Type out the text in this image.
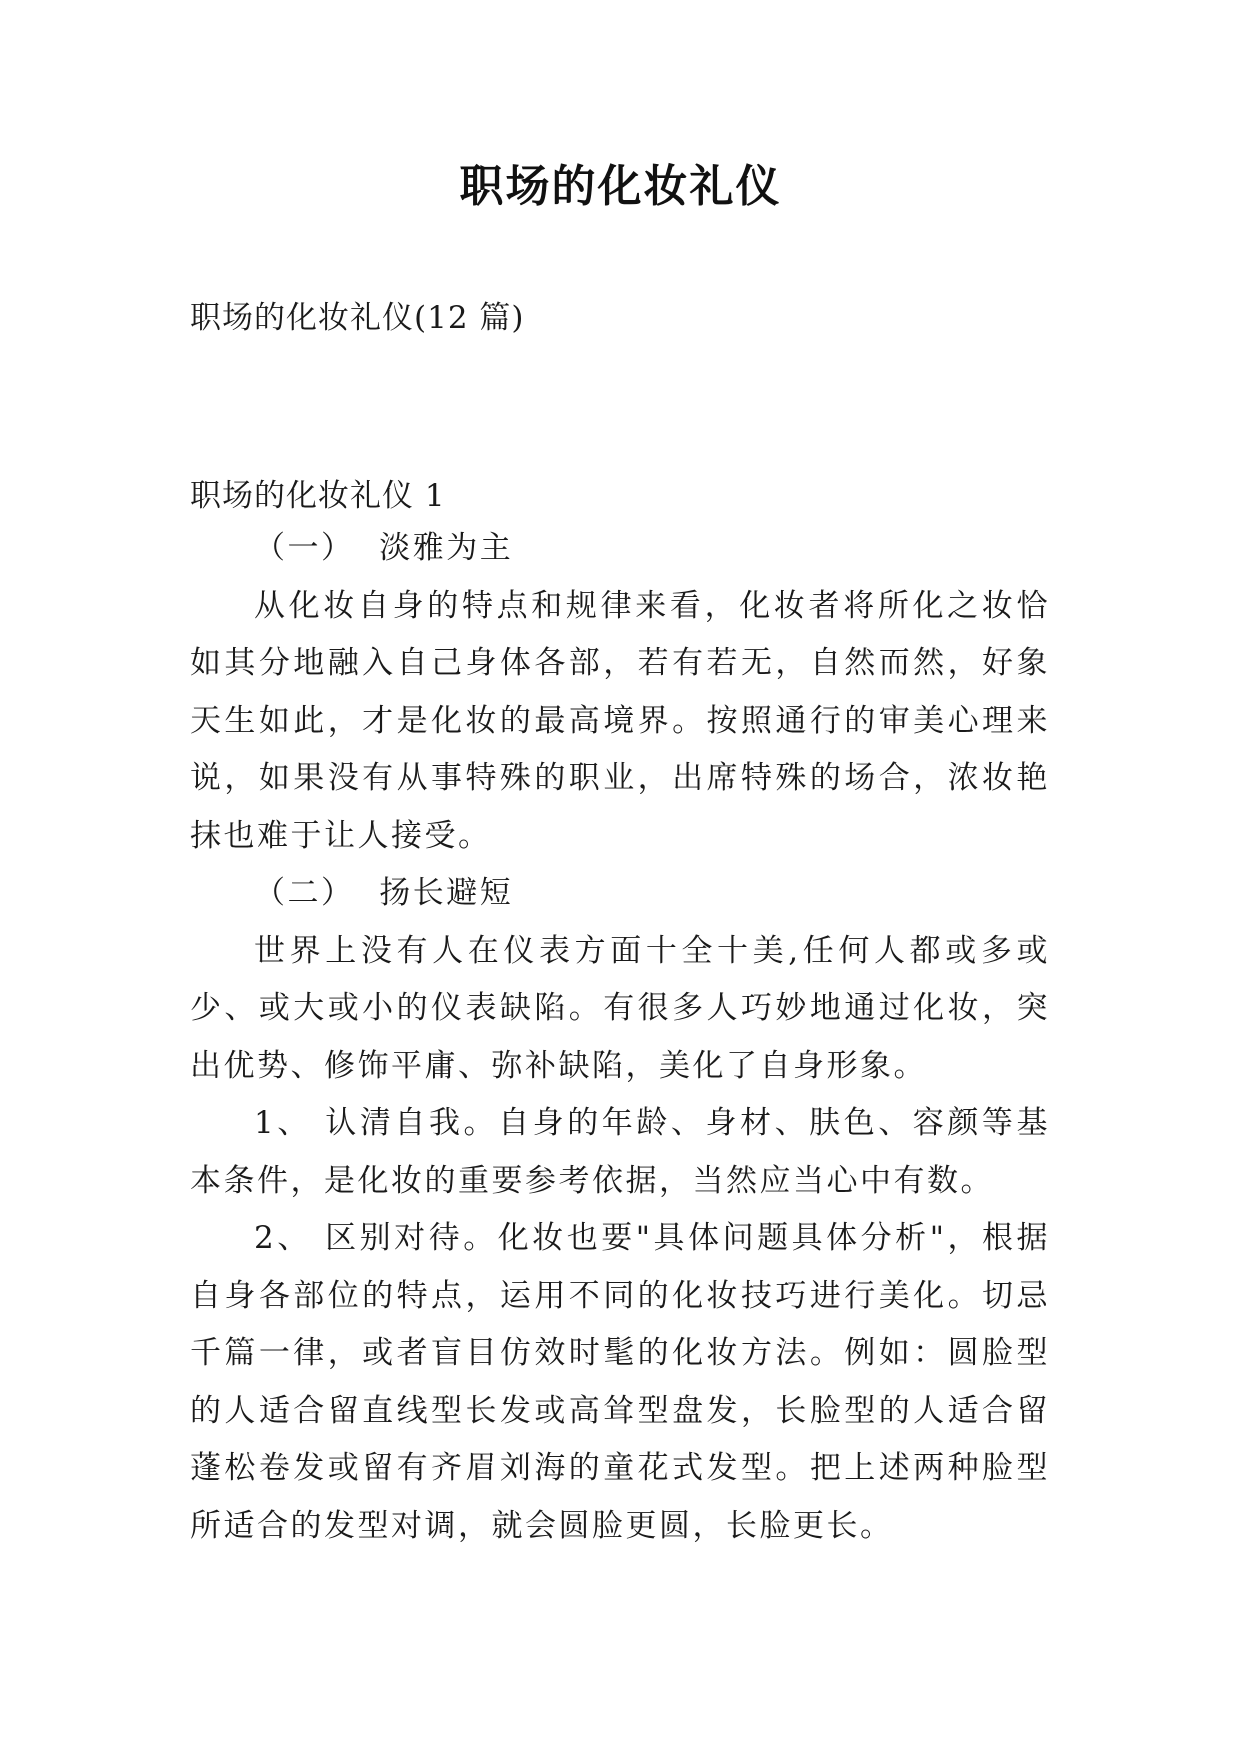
职场的化妆礼仪
职场的化妆礼仪(12 篇)
职场的化妆礼仪 1

（一）  淡雅为主

从化妆自身的特点和规律来看，化妆者将所化之妆恰如其分地融入自己身体各部，若有若无，自然而然，好象天生如此，才是化妆的最高境界。按照通行的审美心理来说，如果没有从事特殊的职业，出席特殊的场合，浓妆艳抹也难于让人接受。

（二）  扬长避短

世界上没有人在仪表方面十全十美,任何人都或多或少、或大或小的仪表缺陷。有很多人巧妙地通过化妆，突出优势、修饰平庸、弥补缺陷，美化了自身形象。

1、 认清自我。自身的年龄、身材、肤色、容颜等基本条件，是化妆的重要参考依据，当然应当心中有数。

2、 区别对待。化妆也要"具体问题具体分析"，根据自身各部位的特点，运用不同的化妆技巧进行美化。切忌千篇一律，或者盲目仿效时髦的化妆方法。例如：圆脸型的人适合留直线型长发或高耸型盘发，长脸型的人适合留蓬松卷发或留有齐眉刘海的童花式发型。把上述两种脸型所适合的发型对调，就会圆脸更圆，长脸更长。
